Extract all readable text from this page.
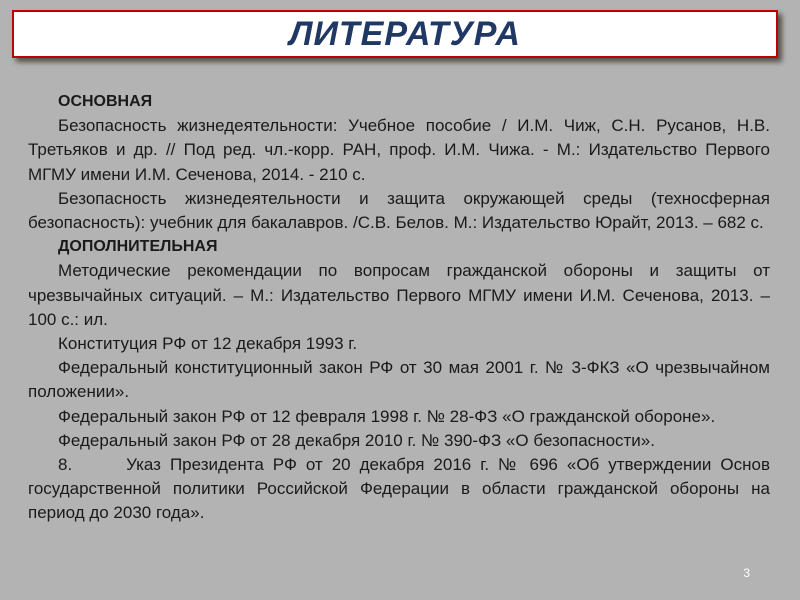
ЛИТЕРАТУРА

ОСНОВНАЯ

Безопасность жизнедеятельности: Учебное пособие / И.М. Чиж, С.Н. Русанов, Н.В. Третьяков и др. // Под ред. чл.-корр. РАН, проф. И.М. Чижа. - М.: Издательство Первого МГМУ имени И.М. Сеченова, 2014. - 210 с.

Безопасность жизнедеятельности и защита окружающей среды (техносферная безопасность): учебник для бакалавров. /С.В. Белов. М.: Издательство Юрайт, 2013. – 682 с.

ДОПОЛНИТЕЛЬНАЯ

Методические рекомендации по вопросам гражданской обороны и защиты от чрезвычайных ситуаций. – М.: Издательство Первого МГМУ имени И.М. Сеченова, 2013. – 100 с.: ил.

Конституция РФ от 12 декабря 1993 г.

Федеральный конституционный закон РФ от 30 мая 2001 г. № 3-ФКЗ «О чрезвычайном положении».

Федеральный закон РФ от 12 февраля 1998 г. № 28-ФЗ «О гражданской обороне».

Федеральный закон РФ от 28 декабря 2010 г. № 390-ФЗ «О безопасности».

8.      Указ Президента РФ от 20 декабря 2016 г. № 696 «Об утверждении Основ государственной политики Российской Федерации в области гражданской обороны на период до 2030 года».

3
